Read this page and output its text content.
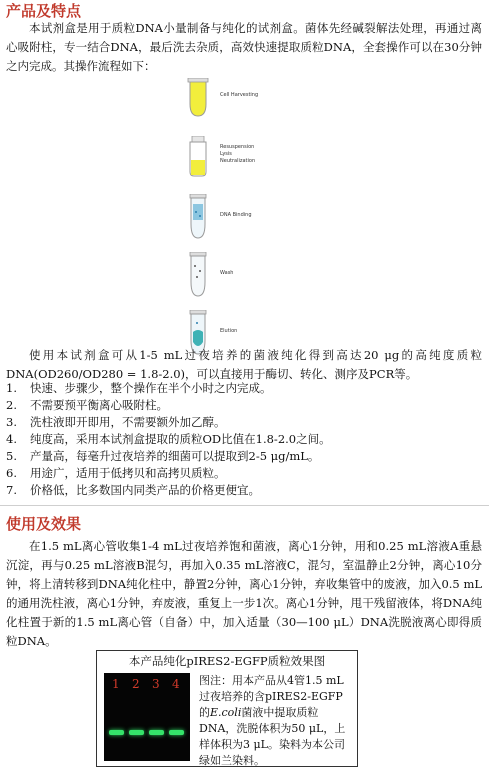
产品及特点
本试剂盒是用于质粒DNA小量制备与纯化的试剂盒。菌体先经碱裂解法处理，再通过离心吸附柱，专一结合DNA，最后洗去杂质，高效快速提取质粒DNA，全套操作可以在30分钟之内完成。其操作流程如下：
Cell Harvesting
Resuspension
Lysis
Neutralization
DNA Binding
Wash
Elution
使用本试剂盒可从1-5 mL过夜培养的菌液纯化得到高达20 μg的高纯度质粒DNA(OD260/OD280 = 1.8-2.0)，可以直接用于酶切、转化、测序及PCR等。
1. 快速、步骤少，整个操作在半个小时之内完成。
2. 不需要预平衡离心吸附柱。
3. 洗柱液即开即用，不需要额外加乙醇。
4. 纯度高，采用本试剂盒提取的质粒OD比值在1.8-2.0之间。
5. 产量高，每毫升过夜培养的细菌可以提取到2-5 μg/mL。
6. 用途广，适用于低拷贝和高拷贝质粒。
7. 价格低，比多数国内同类产品的价格更便宜。
使用及效果
在1.5 mL离心管收集1-4 mL过夜培养饱和菌液，离心1分钟，用和0.25 mL溶液A重悬沉淀，再与0.25 mL溶液B混匀，再加入0.35 mL溶液C，混匀，室温静止2分钟，离心10分钟，将上清转移到DNA纯化柱中，静置2分钟，离心1分钟，弃收集管中的废液，加入0.5 mL的通用洗柱液，离心1分钟，弃废液，重复上一步1次。离心1分钟，甩干残留液体，将DNA纯化柱置于新的1.5 mL离心管（自备）中，加入适量（30—100 μL）DNA洗脱液离心即得质粒DNA。
本产品纯化pIRES2-EGFP质粒效果图
1 2 3 4 图注：用本产品从4管1.5 mL过夜培养的含pIRES2-EGFP的E.coli菌液中提取质粒DNA，洗脱体积为50 μL，上样体积为3 μL。染料为本公司绿如兰染料。
